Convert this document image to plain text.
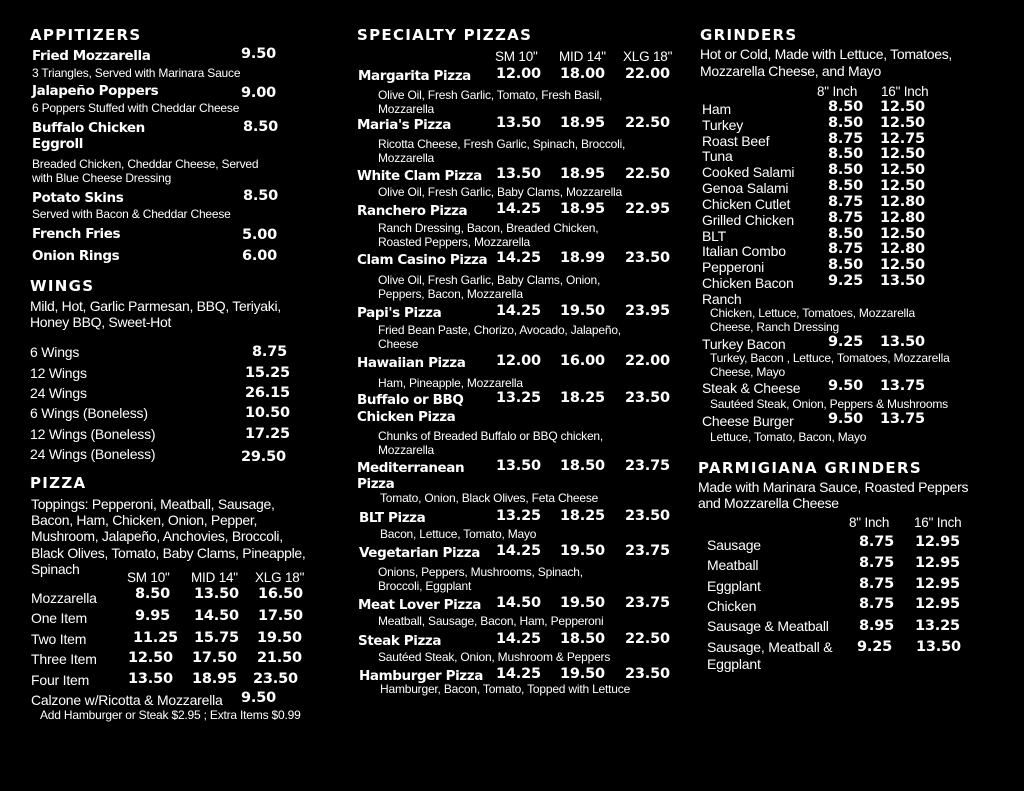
APPITIZERS
Fried Mozzarella	9.50
3 Triangles, Served with Marinara Sauce
Jalapeño Poppers	9.00
6 Poppers Stuffed with Cheddar Cheese
Buffalo Chicken
Eggroll
8.50
Breaded Chicken, Cheddar Cheese, Served
with Blue Cheese Dressing
Potato Skins	8.50
Served with Bacon & Cheddar Cheese
French Fries	5.00
Onion Rings	6.00
WINGS
Mild, Hot, Garlic Parmesan, BBQ, Teriyaki,
Honey BBQ, Sweet-Hot
6 Wings	8.75
12 Wings	15.25
24 Wings	26.15
6 Wings (Boneless)	10.50
12 Wings (Boneless)	17.25
24 Wings (Boneless)	29.50
PIZZA
Toppings: Pepperoni, Meatball, Sausage,
Bacon, Ham, Chicken, Onion, Pepper,
Mushroom, Jalapeño, Anchovies, Broccoli,
Black Olives, Tomato, Baby Clams, Pineapple,
Spinach
SM 10" MID 14" XLG 18"
Mozzarella	8.50 13.50 16.50
One Item	9.95 14.50 17.50
Two Item	11.25 15.75 19.50
Three Item 12.50 17.50 21.50
Four Item	13.50 18.95 23.50
Calzone w/Ricotta & Mozzarella 9.50
Add Hamburger or Steak $2.95 ; Extra Items $0.99
SPECIALTY PIZZAS
SM 10" MID 14" XLG 18"
Margarita Pizza 12.00 18.00 22.00
Olive Oil, Fresh Garlic, Tomato, Fresh Basil,
Mozzarella
Maria's Pizza	13.50 18.95 22.50
Ricotta Cheese, Fresh Garlic, Spinach, Broccoli,
Mozzarella
White Clam Pizza 13.50 18.95 22.50
Olive Oil, Fresh Garlic, Baby Clams, Mozzarella
Ranchero Pizza 14.25 18.95 22.95
Ranch Dressing, Bacon, Breaded Chicken,
Roasted Peppers, Mozzarella
Clam Casino Pizza 14.25 18.99 23.50
Olive Oil, Fresh Garlic, Baby Clams, Onion,
Peppers, Bacon, Mozzarella
Papi's Pizza	14.25 19.50 23.95
Fried Bean Paste, Chorizo, Avocado, Jalapeño,
Cheese
Hawaiian Pizza 12.00 16.00 22.00
Ham, Pineapple, Mozzarella
Buffalo or BBQ
Chicken Pizza
13.25 18.25 23.50
Chunks of Breaded Buffalo or BBQ chicken,
Mozzarella
Mediterranean
Pizza
13.50 18.50 23.75
Tomato, Onion, Black Olives, Feta Cheese
BLT Pizza	13.25 18.25 23.50
Bacon, Lettuce, Tomato, Mayo
Vegetarian Pizza 14.25 19.50 23.75
Onions, Peppers, Mushrooms, Spinach,
Broccoli, Eggplant
Meat Lover Pizza 14.50 19.50 23.75
Meatball, Sausage, Bacon, Ham, Pepperoni
Steak Pizza	14.25 18.50 22.50
Sautéed Steak, Onion, Mushroom & Peppers
Hamburger Pizza 14.25 19.50 23.50
Hamburger, Bacon, Tomato, Topped with Lettuce
GRINDERS
Hot or Cold, Made with Lettuce, Tomatoes,
Mozzarella Cheese, and Mayo
8" Inch 16" Inch
Ham	8.50 12.50
Turkey	8.50 12.50
Roast Beef	8.75 12.75
Tuna	8.50 12.50
Cooked Salami 8.50 12.50
Genoa Salami	8.50 12.50
Chicken Cutlet	8.75 12.80
Grilled Chicken 8.75 12.80
BLT	8.50 12.50
Italian Combo	8.75 12.80
Pepperoni	8.50 12.50
Chicken Bacon
Ranch
9.25 13.50
Chicken, Lettuce, Tomatoes, Mozzarella
Cheese, Ranch Dressing
Turkey Bacon	9.25 13.50
Turkey, Bacon , Lettuce, Tomatoes, Mozzarella
Cheese, Mayo
Steak & Cheese 9.50 13.75
Sautéed Steak, Onion, Peppers & Mushrooms
Cheese Burger 9.50 13.75
Lettuce, Tomato, Bacon, Mayo
PARMIGIANA GRINDERS
Made with Marinara Sauce, Roasted Peppers
and Mozzarella Cheese
8" Inch 16" Inch
Sausage	8.75 12.95
Meatball	8.75 12.95
Eggplant	8.75 12.95
Chicken	8.75 12.95
Sausage & Meatball 8.95 13.25
Sausage, Meatball &
Eggplant
9.25 13.50
